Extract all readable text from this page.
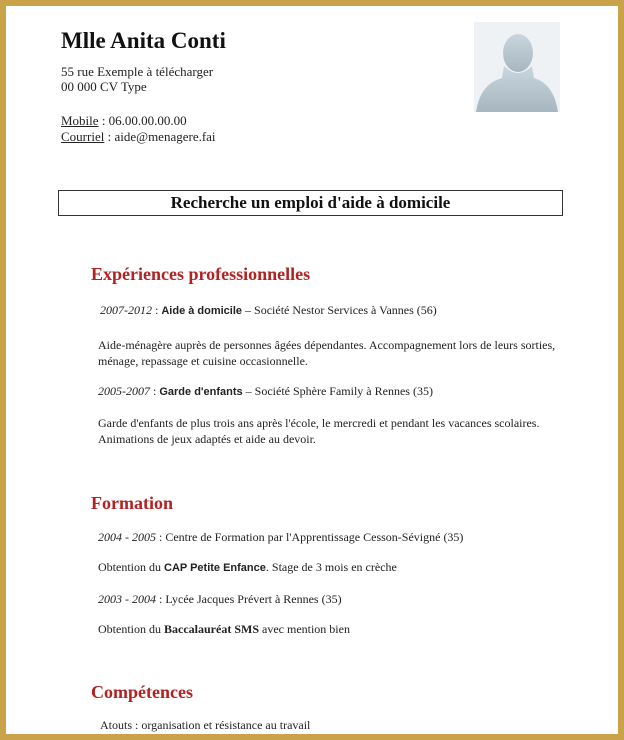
Mlle Anita Conti
55 rue Exemple à télécharger
00 000 CV Type
Mobile : 06.00.00.00.00
Courriel : aide@menagere.fai
Recherche un emploi d'aide à domicile
Expériences professionnelles
2007-2012 : Aide à domicile – Société Nestor Services à Vannes (56)
Aide-ménagère auprès de personnes âgées dépendantes. Accompagnement lors de leurs sorties, ménage, repassage et cuisine occasionnelle.
2005-2007 : Garde d'enfants – Société Sphère Family à Rennes (35)
Garde d'enfants de plus trois ans après l'école, le mercredi et pendant les vacances scolaires. Animations de jeux adaptés et aide au devoir.
Formation
2004 - 2005 : Centre de Formation par l'Apprentissage Cesson-Sévigné (35)
Obtention du CAP Petite Enfance. Stage de 3 mois en crèche
2003 - 2004 : Lycée Jacques Prévert à Rennes (35)
Obtention du Baccalauréat SMS avec mention bien
Compétences
Atouts : organisation et résistance au travail
